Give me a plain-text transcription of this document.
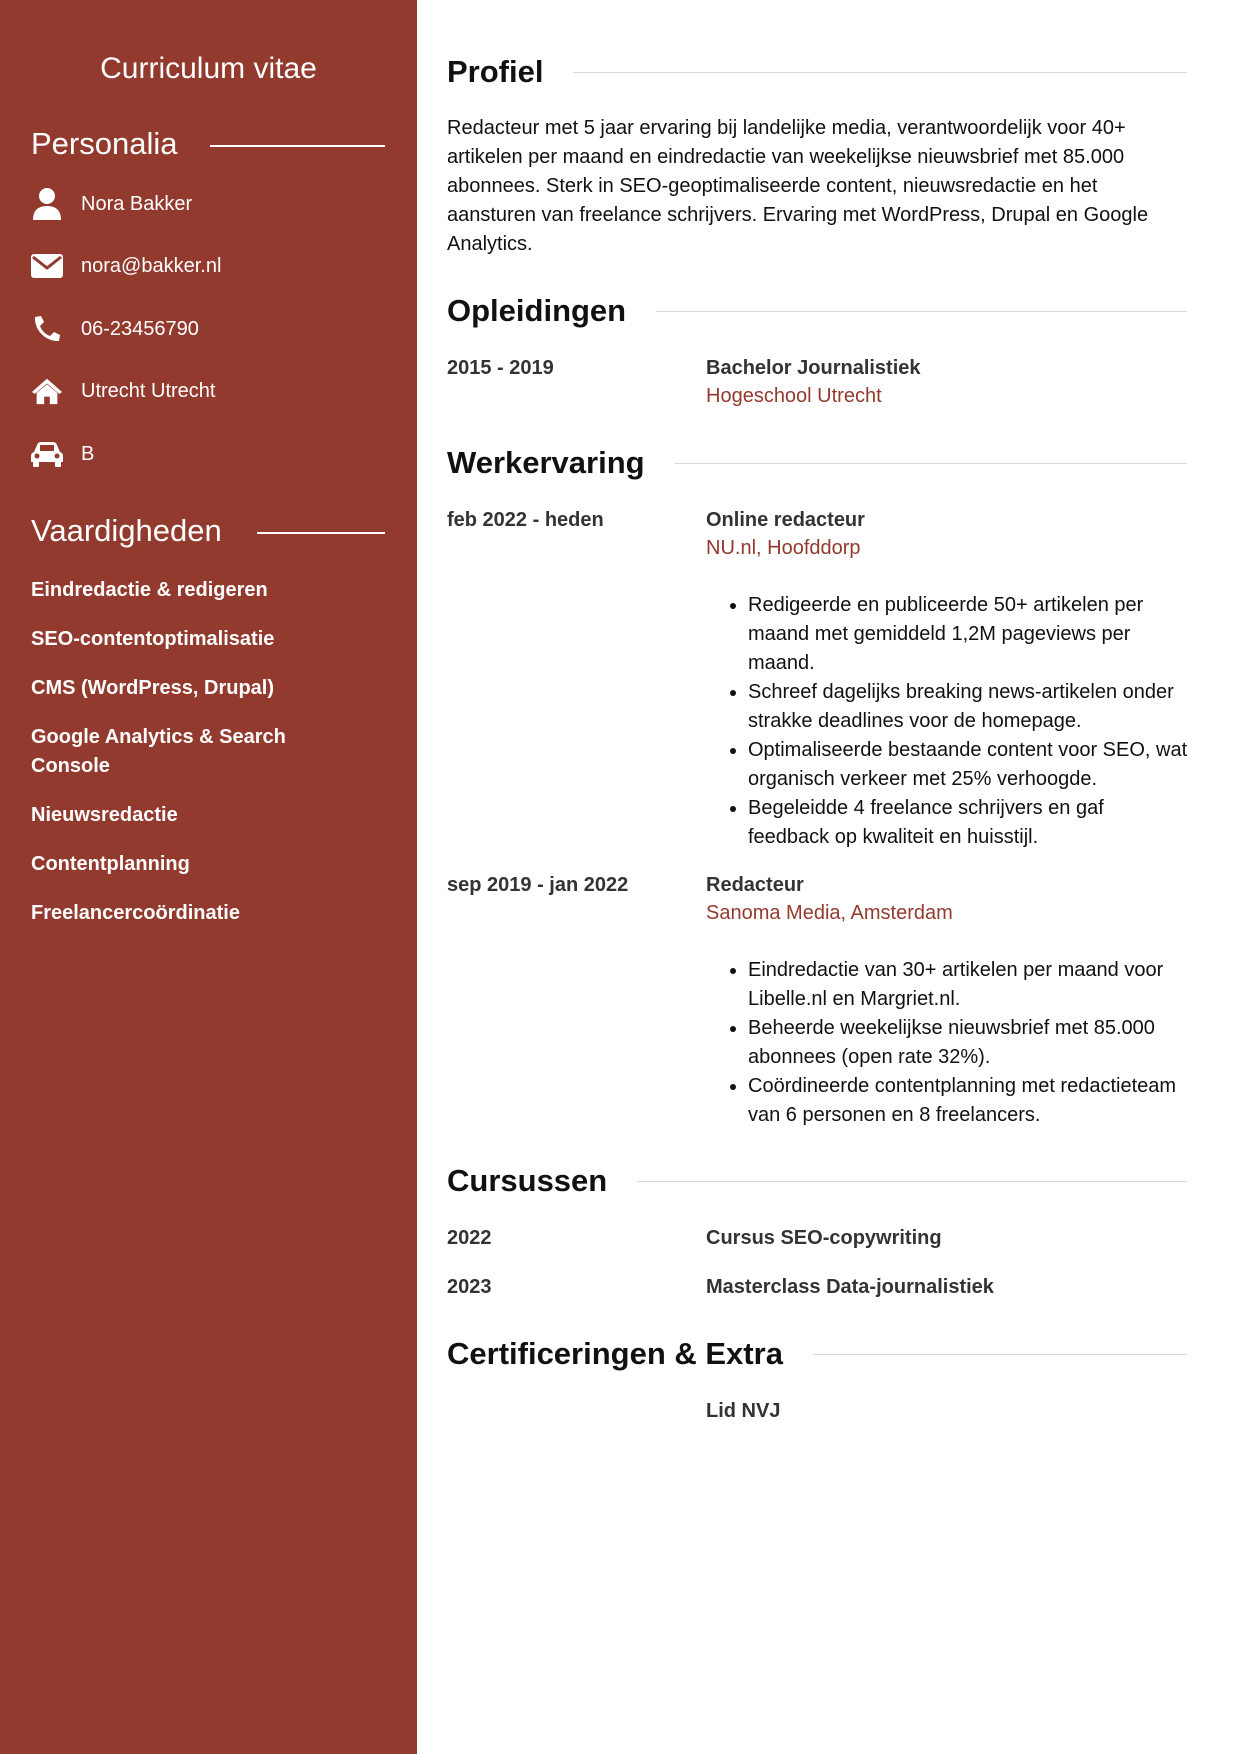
Curriculum vitae
Personalia
Nora Bakker
nora@bakker.nl
06-23456790
Utrecht Utrecht
B
Vaardigheden
Eindredactie & redigeren
SEO-contentoptimalisatie
CMS (WordPress, Drupal)
Google Analytics & Search Console
Nieuwsredactie
Contentplanning
Freelancercoördinatie
Profiel

Redacteur met 5 jaar ervaring bij landelijke media, verantwoordelijk voor 40+ artikelen per maand en eindredactie van weekelijkse nieuwsbrief met 85.000 abonnees. Sterk in SEO-geoptimaliseerde content, nieuwsredactie en het aansturen van freelance schrijvers. Ervaring met WordPress, Drupal en Google Analytics.

Opleidingen
2015 - 2019	Bachelor Journalistiek
Hogeschool Utrecht
Werkervaring
feb 2022 - heden	Online redacteur
NU.nl, Hoofddorp
• Redigeerde en publiceerde 50+ artikelen per maand met gemiddeld 1,2M pageviews per maand.
• Schreef dagelijks breaking news-artikelen onder strakke deadlines voor de homepage.
• Optimaliseerde bestaande content voor SEO, wat organisch verkeer met 25% verhoogde.
• Begeleidde 4 freelance schrijvers en gaf feedback op kwaliteit en huisstijl.
sep 2019 - jan 2022	Redacteur
Sanoma Media, Amsterdam
• Eindredactie van 30+ artikelen per maand voor Libelle.nl en Margriet.nl.
• Beheerde weekelijkse nieuwsbrief met 85.000 abonnees (open rate 32%).
• Coördineerde contentplanning met redactieteam van 6 personen en 8 freelancers.
Cursussen
2022	Cursus SEO-copywriting
2023	Masterclass Data-journalistiek
Certificeringen & Extra
Lid NVJ
